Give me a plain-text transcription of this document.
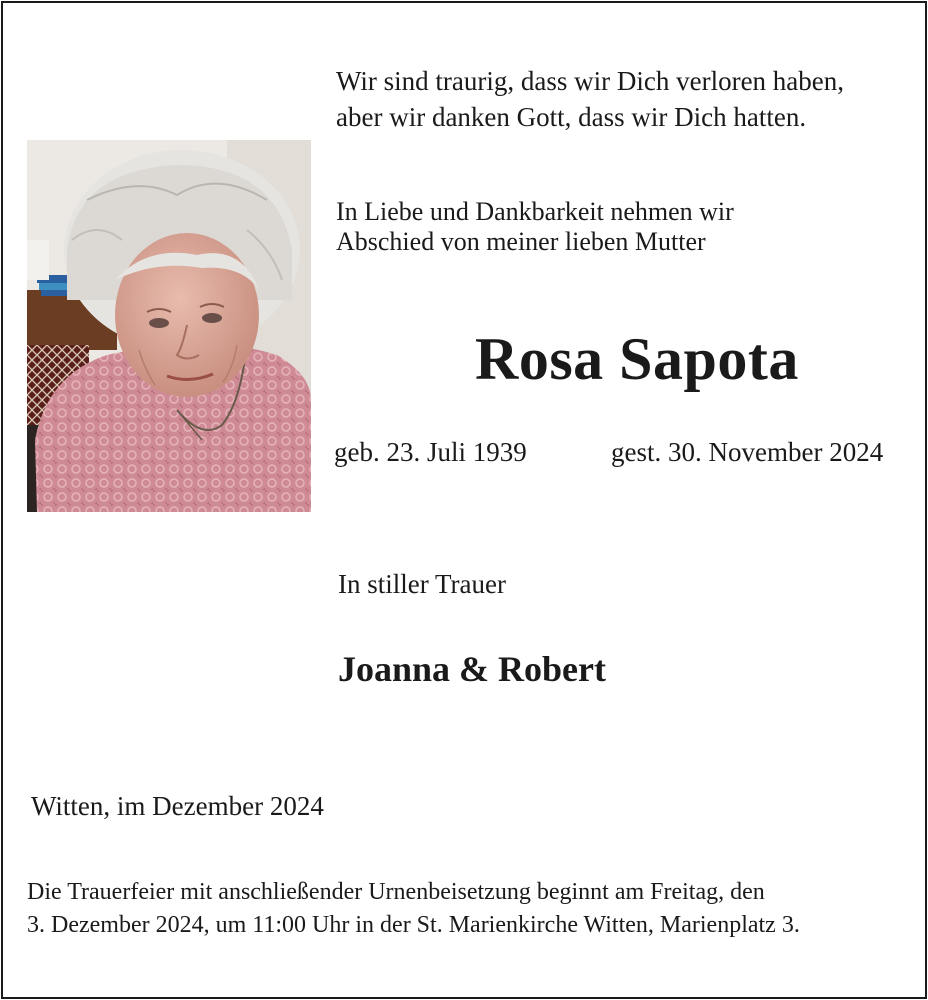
Wir sind traurig, dass wir Dich verloren haben,
aber wir danken Gott, dass wir Dich hatten.
In Liebe und Dankbarkeit nehmen wir
Abschied von meiner lieben Mutter
Rosa Sapota
geb. 23. Juli 1939	gest. 30. November 2024
In stiller Trauer
Joanna & Robert
Witten, im Dezember 2024
Die Trauerfeier mit anschließender Urnenbeisetzung beginnt am Freitag, den
3. Dezember 2024, um 11:00 Uhr in der St. Marienkirche Witten, Marienplatz 3.
